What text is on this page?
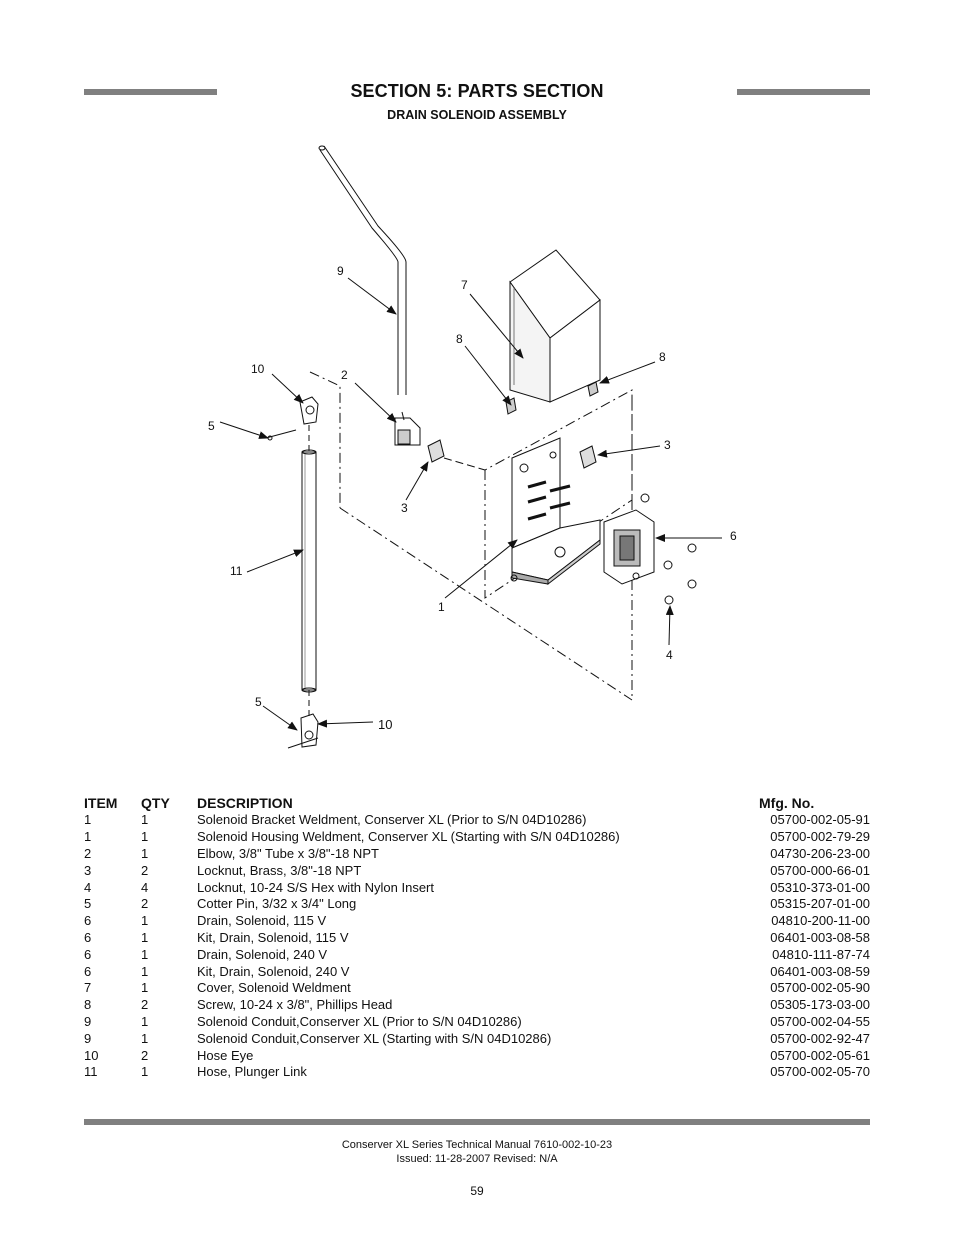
SECTION 5: PARTS SECTION
DRAIN SOLENOID ASSEMBLY
9
7
8
8
10	2
5
3
3
6
11
1
4
5
10
ITEM	QTY	DESCRIPTION	Mfg. No.
1	1	Solenoid Bracket Weldment, Conserver XL (Prior to S/N 04D10286)	05700-002-05-91
1	1	Solenoid Housing Weldment, Conserver XL (Starting with S/N 04D10286)	05700-002-79-29
2	1	Elbow, 3/8" Tube x 3/8"-18 NPT	04730-206-23-00
3	2	Locknut, Brass, 3/8"-18 NPT	05700-000-66-01
4	4	Locknut, 10-24 S/S Hex with Nylon Insert	05310-373-01-00
5	2	Cotter Pin, 3/32 x 3/4" Long	05315-207-01-00
6	1	Drain, Solenoid, 115 V	04810-200-11-00
6	1	Kit, Drain, Solenoid, 115 V	06401-003-08-58
6	1	Drain, Solenoid, 240 V	04810-111-87-74
6	1	Kit, Drain, Solenoid, 240 V	06401-003-08-59
7	1	Cover, Solenoid Weldment	05700-002-05-90
8	2	Screw, 10-24 x 3/8", Phillips Head	05305-173-03-00
9	1	Solenoid Conduit,Conserver XL (Prior to S/N 04D10286)	05700-002-04-55
9	1	Solenoid Conduit,Conserver XL (Starting with S/N 04D10286)	05700-002-92-47
10	2	Hose Eye	05700-002-05-61
11	1	Hose, Plunger Link	05700-002-05-70
Conserver XL Series Technical Manual 7610-002-10-23
Issued: 11-28-2007 Revised: N/A
59
